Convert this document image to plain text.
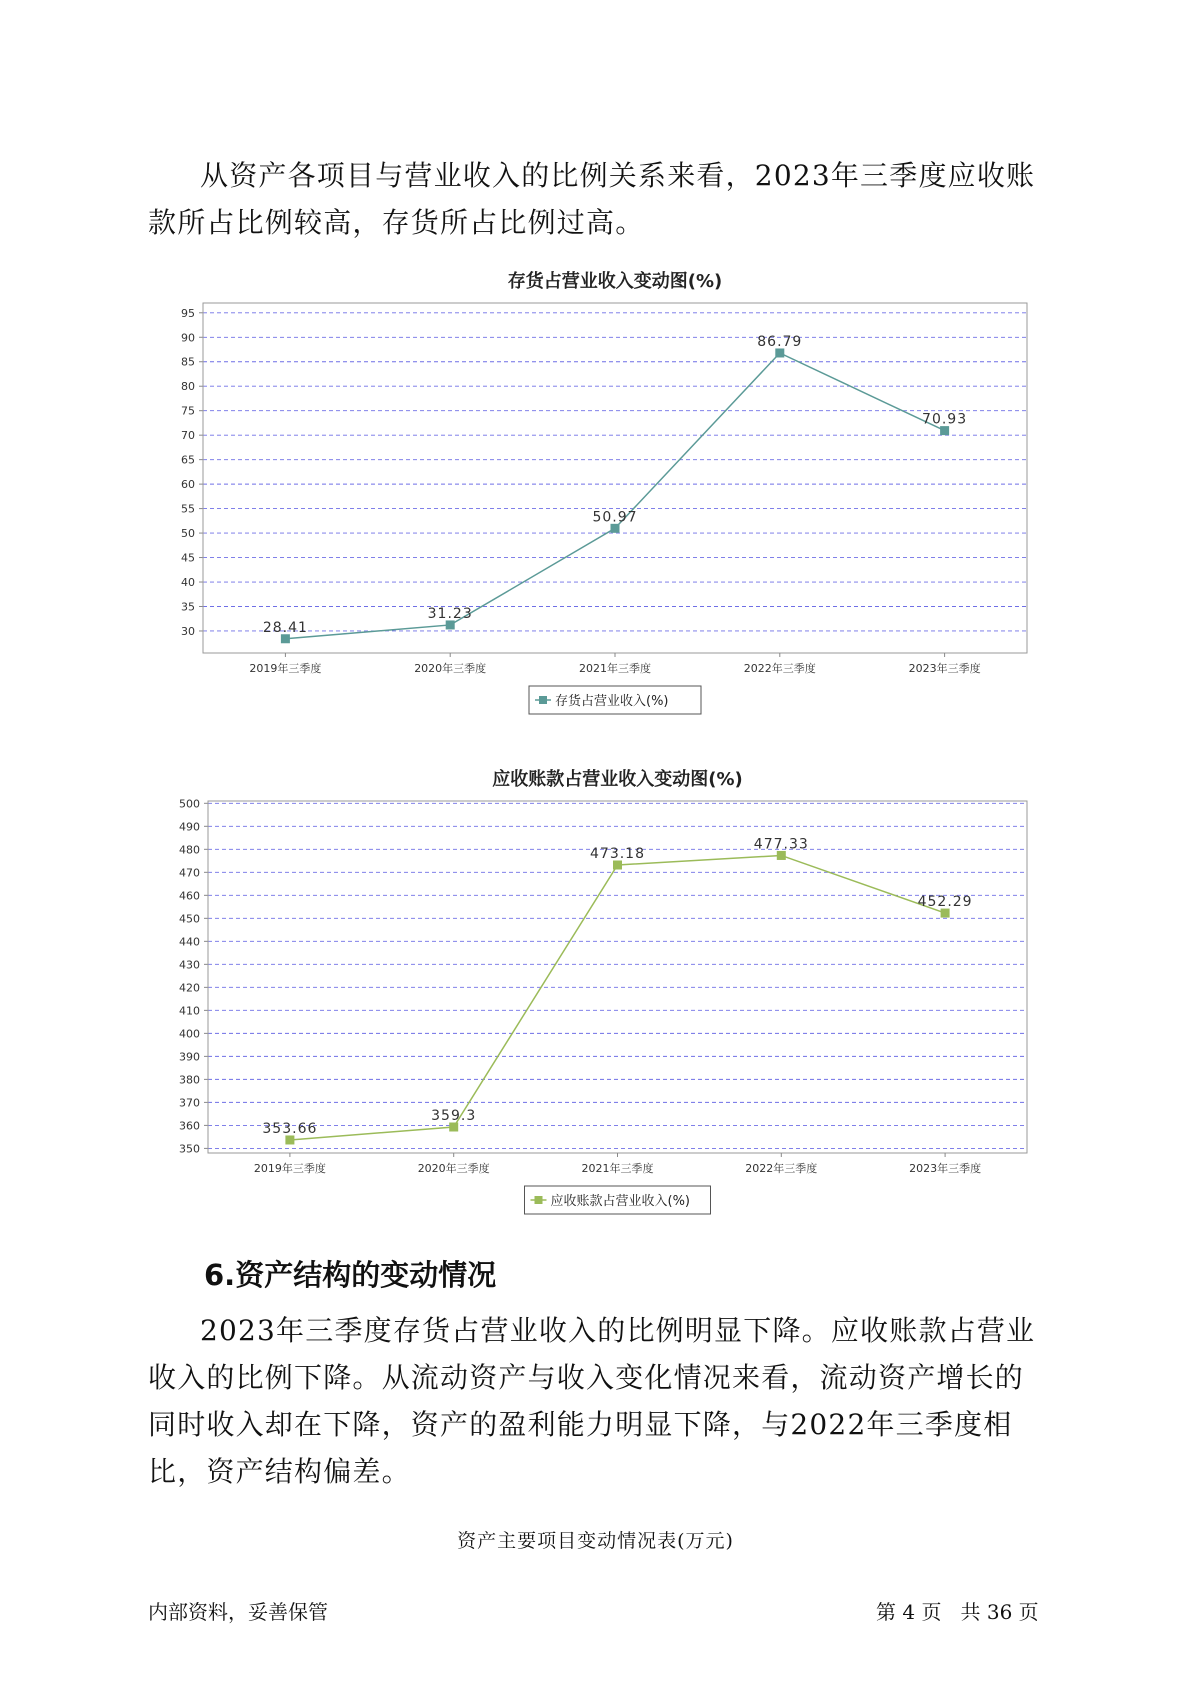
从资产各项目与营业收入的比例关系来看，2023年三季度应收账款所占比例较高，存货所占比例过高。

存货占营业收入变动图(%)
30
35
40
45
50
55
60
65
70
75
80
85
90
95
2019年三季度	2020年三季度	2021年三季度	2022年三季度	2023年三季度
28.41
31.23
50.97
86.79
70.93
存货占营业收入(%)
应收账款占营业收入变动图(%)
350
360
370
380
390
400
410
420
430
440
450
460
470
480
490
500
2019年三季度	2020年三季度	2021年三季度	2022年三季度	2023年三季度
353.66
359.3
473.18
477.33
452.29
应收账款占营业收入(%)
6.资产结构的变动情况

2023年三季度存货占营业收入的比例明显下降。应收账款占营业收入的比例下降。从流动资产与收入变化情况来看，流动资产增长的同时收入却在下降，资产的盈利能力明显下降，与2022年三季度相比，资产结构偏差。

资产主要项目变动情况表(万元)
内部资料，妥善保管	第 4 页   共 36 页
